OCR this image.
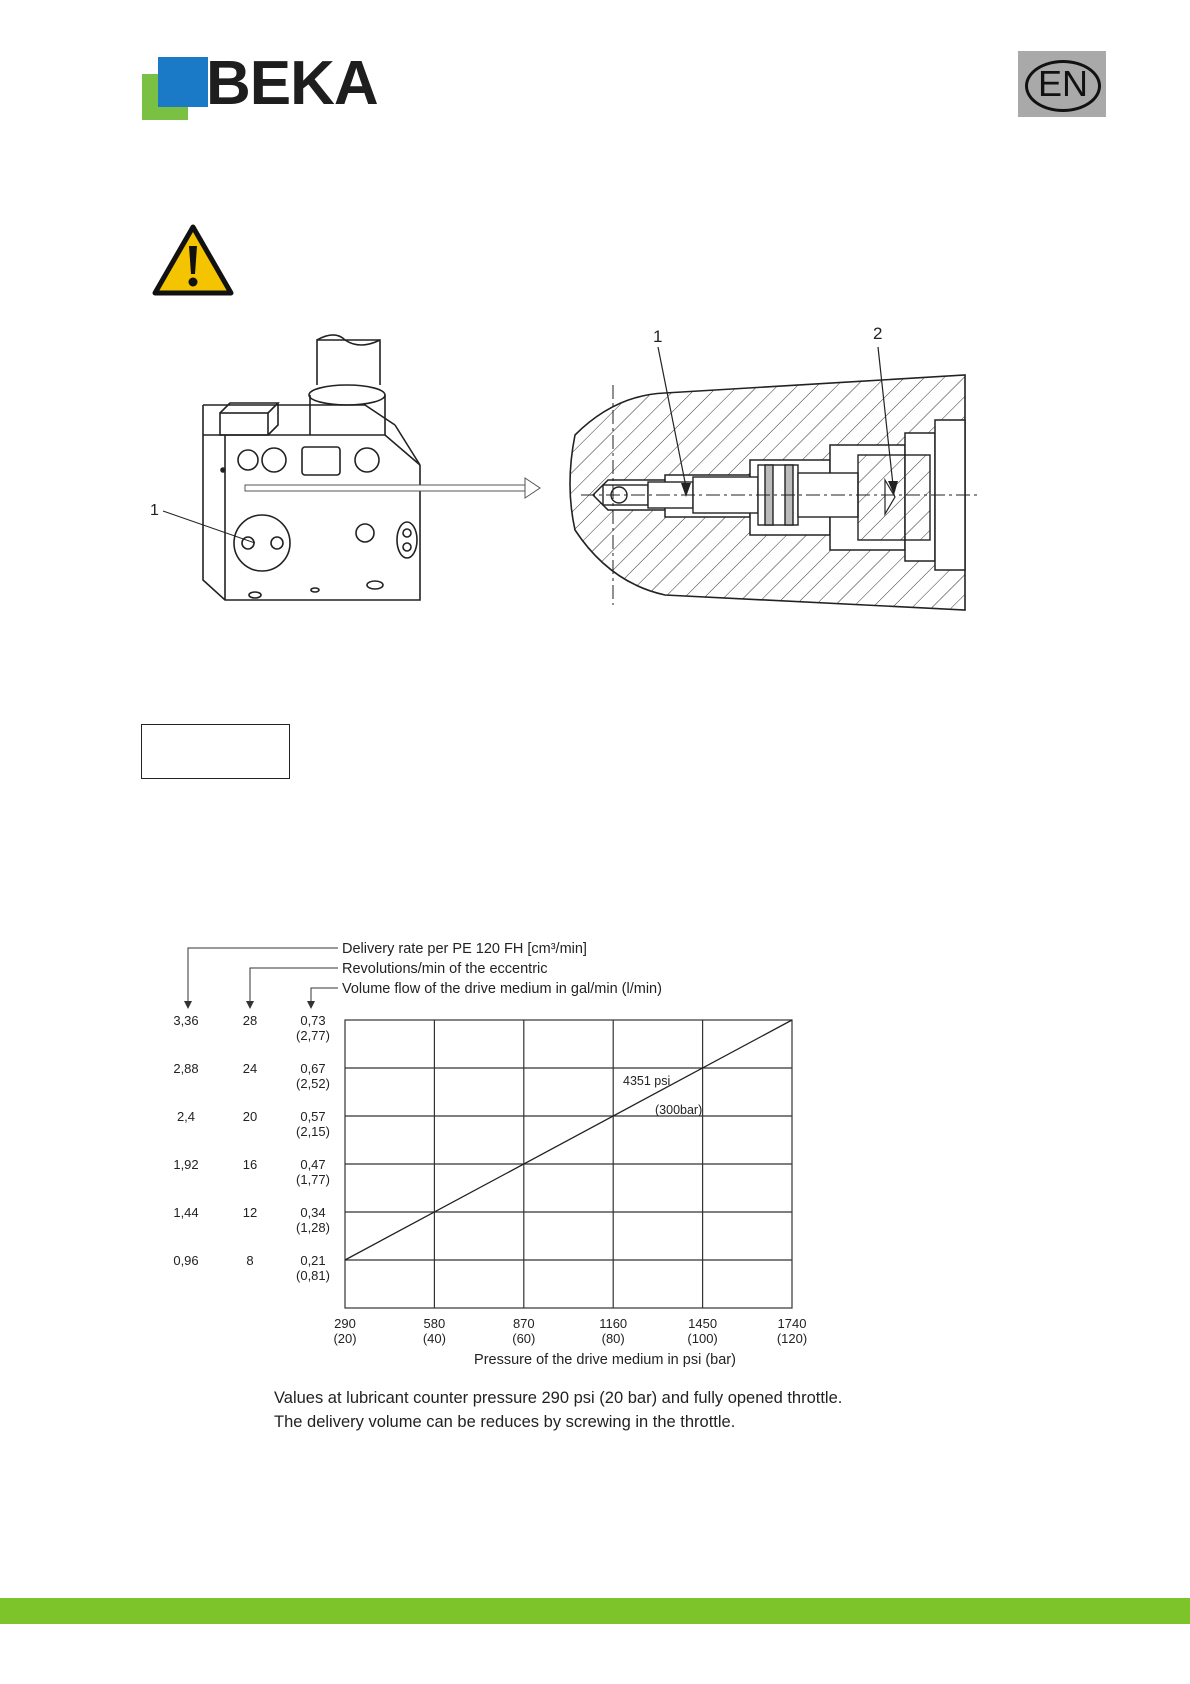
BEKA	EN
1
1	2
Delivery rate per PE 120 FH [cm³/min]
Revolutions/min of the eccentric
Volume flow of the drive medium in gal/min (l/min)
3,36	28	0,73
(2,77)
2,88	24	0,67
(2,52)
2,4	20	0,57
(2,15)
1,92	16	0,47
(1,77)
1,44	12	0,34
(1,28)
0,96	8	0,21
(0,81)
290
(20)
580
(40)
870
(60)
1160
(80)
1450
(100)
1740
(120)
Pressure of the drive medium in psi (bar)
4351 psi
(300bar)
Values at lubricant counter pressure 290 psi (20 bar) and fully opened throttle.
The delivery volume can be reduces by screwing in the throttle.
